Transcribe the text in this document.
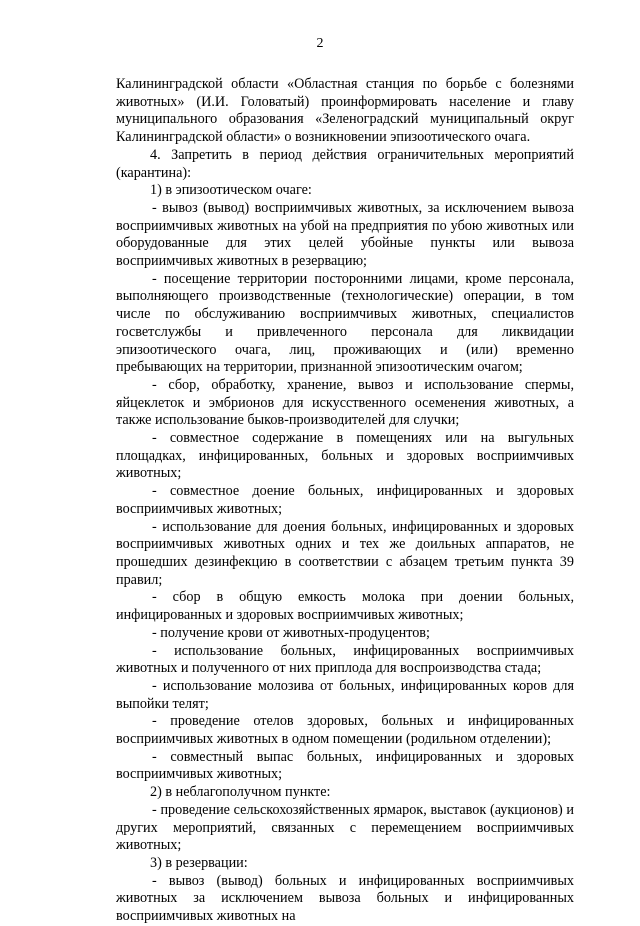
2

Калининградской области «Областная станция по борьбе с болезнями животных» (И.И. Головатый) проинформировать население и главу муниципального образования «Зеленоградский муниципальный округ Калининградской области» о возникновении эпизоотического очага.

4. Запретить в период действия ограничительных мероприятий (карантина):

1) в эпизоотическом очаге:

- вывоз (вывод) восприимчивых животных, за исключением вывоза восприимчивых животных на убой на предприятия по убою животных или оборудованные для этих целей убойные пункты или вывоза восприимчивых животных в резервацию;

- посещение территории посторонними лицами, кроме персонала, выполняющего производственные (технологические) операции, в том числе по обслуживанию восприимчивых животных, специалистов госветслужбы и привлеченного персонала для ликвидации эпизоотического очага, лиц, проживающих и (или) временно пребывающих на территории, признанной эпизоотическим очагом;

- сбор, обработку, хранение, вывоз и использование спермы, яйцеклеток и эмбрионов для искусственного осеменения животных, а также использование быков-производителей для случки;

- совместное содержание в помещениях или на выгульных площадках, инфицированных, больных и здоровых восприимчивых животных;

- совместное доение больных, инфицированных и здоровых восприимчивых животных;

- использование для доения больных, инфицированных и здоровых восприимчивых животных одних и тех же доильных аппаратов, не прошедших дезинфекцию в соответствии с абзацем третьим пункта 39 правил;

- сбор в общую емкость молока при доении больных, инфицированных и здоровых восприимчивых животных;

- получение крови от животных-продуцентов;

- использование больных, инфицированных восприимчивых животных и полученного от них приплода для воспроизводства стада;

- использование молозива от больных, инфицированных коров для выпойки телят;

- проведение отелов здоровых, больных и инфицированных восприимчивых животных в одном помещении (родильном отделении);

- совместный выпас больных, инфицированных и здоровых восприимчивых животных;

2) в неблагополучном пункте:

- проведение сельскохозяйственных ярмарок, выставок (аукционов) и других мероприятий, связанных с перемещением восприимчивых животных;

3) в резервации:

- вывоз (вывод) больных и инфицированных восприимчивых животных за исключением вывоза больных и инфицированных восприимчивых животных на
